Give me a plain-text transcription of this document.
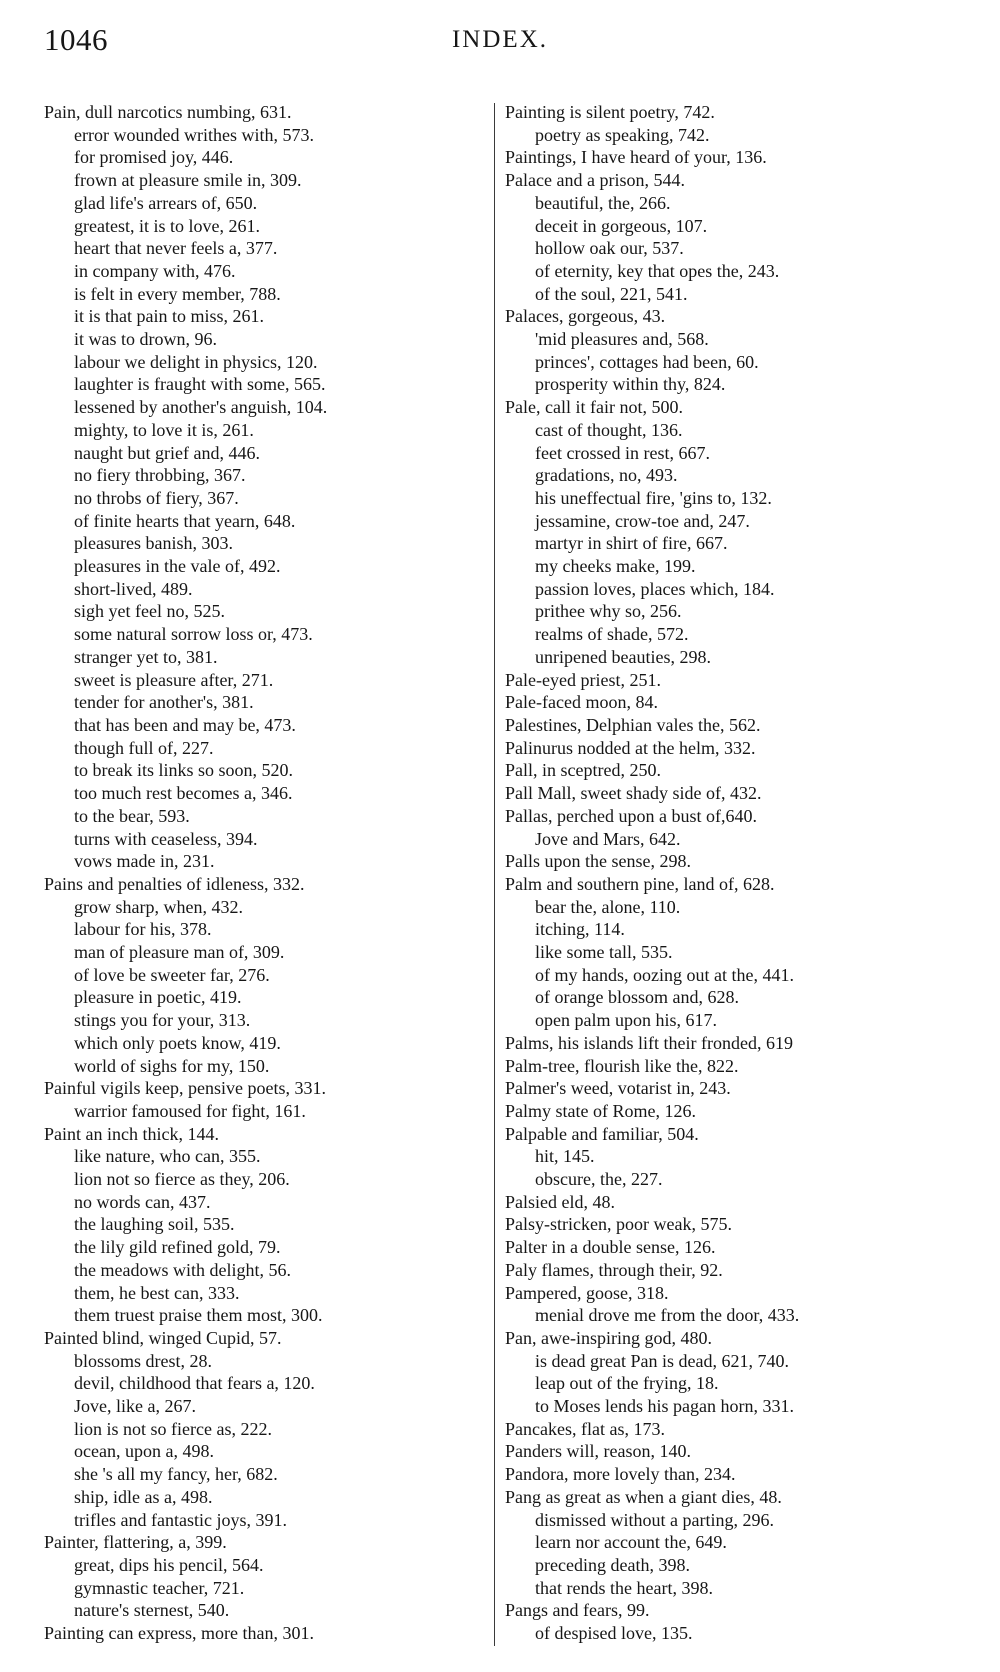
1046	INDEX.
Pain, dull narcotics numbing, 631.
error wounded writhes with, 573.
for promised joy, 446.
frown at pleasure smile in, 309.
glad life's arrears of, 650.
greatest, it is to love, 261.
heart that never feels a, 377.
in company with, 476.
is felt in every member, 788.
it is that pain to miss, 261.
it was to drown, 96.
labour we delight in physics, 120.
laughter is fraught with some, 565.
lessened by another's anguish, 104.
mighty, to love it is, 261.
naught but grief and, 446.
no fiery throbbing, 367.
no throbs of fiery, 367.
of finite hearts that yearn, 648.
pleasures banish, 303.
pleasures in the vale of, 492.
short-lived, 489.
sigh yet feel no, 525.
some natural sorrow loss or, 473.
stranger yet to, 381.
sweet is pleasure after, 271.
tender for another's, 381.
that has been and may be, 473.
though full of, 227.
to break its links so soon, 520.
too much rest becomes a, 346.
to the bear, 593.
turns with ceaseless, 394.
vows made in, 231.
Pains and penalties of idleness, 332.
grow sharp, when, 432.
labour for his, 378.
man of pleasure man of, 309.
of love be sweeter far, 276.
pleasure in poetic, 419.
stings you for your, 313.
which only poets know, 419.
world of sighs for my, 150.
Painful vigils keep, pensive poets, 331.
warrior famoused for fight, 161.
Paint an inch thick, 144.
like nature, who can, 355.
lion not so fierce as they, 206.
no words can, 437.
the laughing soil, 535.
the lily gild refined gold, 79.
the meadows with delight, 56.
them, he best can, 333.
them truest praise them most, 300.
Painted blind, winged Cupid, 57.
blossoms drest, 28.
devil, childhood that fears a, 120.
Jove, like a, 267.
lion is not so fierce as, 222.
ocean, upon a, 498.
she 's all my fancy, her, 682.
ship, idle as a, 498.
trifles and fantastic joys, 391.
Painter, flattering, a, 399.
great, dips his pencil, 564.
gymnastic teacher, 721.
nature's sternest, 540.
Painting can express, more than, 301.
Painting is silent poetry, 742.
poetry as speaking, 742.
Paintings, I have heard of your, 136.
Palace and a prison, 544.
beautiful, the, 266.
deceit in gorgeous, 107.
hollow oak our, 537.
of eternity, key that opes the, 243.
of the soul, 221, 541.
Palaces, gorgeous, 43.
'mid pleasures and, 568.
princes', cottages had been, 60.
prosperity within thy, 824.
Pale, call it fair not, 500.
cast of thought, 136.
feet crossed in rest, 667.
gradations, no, 493.
his uneffectual fire, 'gins to, 132.
jessamine, crow-toe and, 247.
martyr in shirt of fire, 667.
my cheeks make, 199.
passion loves, places which, 184.
prithee why so, 256.
realms of shade, 572.
unripened beauties, 298.
Pale-eyed priest, 251.
Pale-faced moon, 84.
Palestines, Delphian vales the, 562.
Palinurus nodded at the helm, 332.
Pall, in sceptred, 250.
Pall Mall, sweet shady side of, 432.
Pallas, perched upon a bust of,640.
Jove and Mars, 642.
Palls upon the sense, 298.
Palm and southern pine, land of, 628.
bear the, alone, 110.
itching, 114.
like some tall, 535.
of my hands, oozing out at the, 441.
of orange blossom and, 628.
open palm upon his, 617.
Palms, his islands lift their fronded, 619
Palm-tree, flourish like the, 822.
Palmer's weed, votarist in, 243.
Palmy state of Rome, 126.
Palpable and familiar, 504.
hit, 145.
obscure, the, 227.
Palsied eld, 48.
Palsy-stricken, poor weak, 575.
Palter in a double sense, 126.
Paly flames, through their, 92.
Pampered, goose, 318.
menial drove me from the door, 433.
Pan, awe-inspiring god, 480.
is dead great Pan is dead, 621, 740.
leap out of the frying, 18.
to Moses lends his pagan horn, 331.
Pancakes, flat as, 173.
Panders will, reason, 140.
Pandora, more lovely than, 234.
Pang as great as when a giant dies, 48.
dismissed without a parting, 296.
learn nor account the, 649.
preceding death, 398.
that rends the heart, 398.
Pangs and fears, 99.
of despised love, 135.
